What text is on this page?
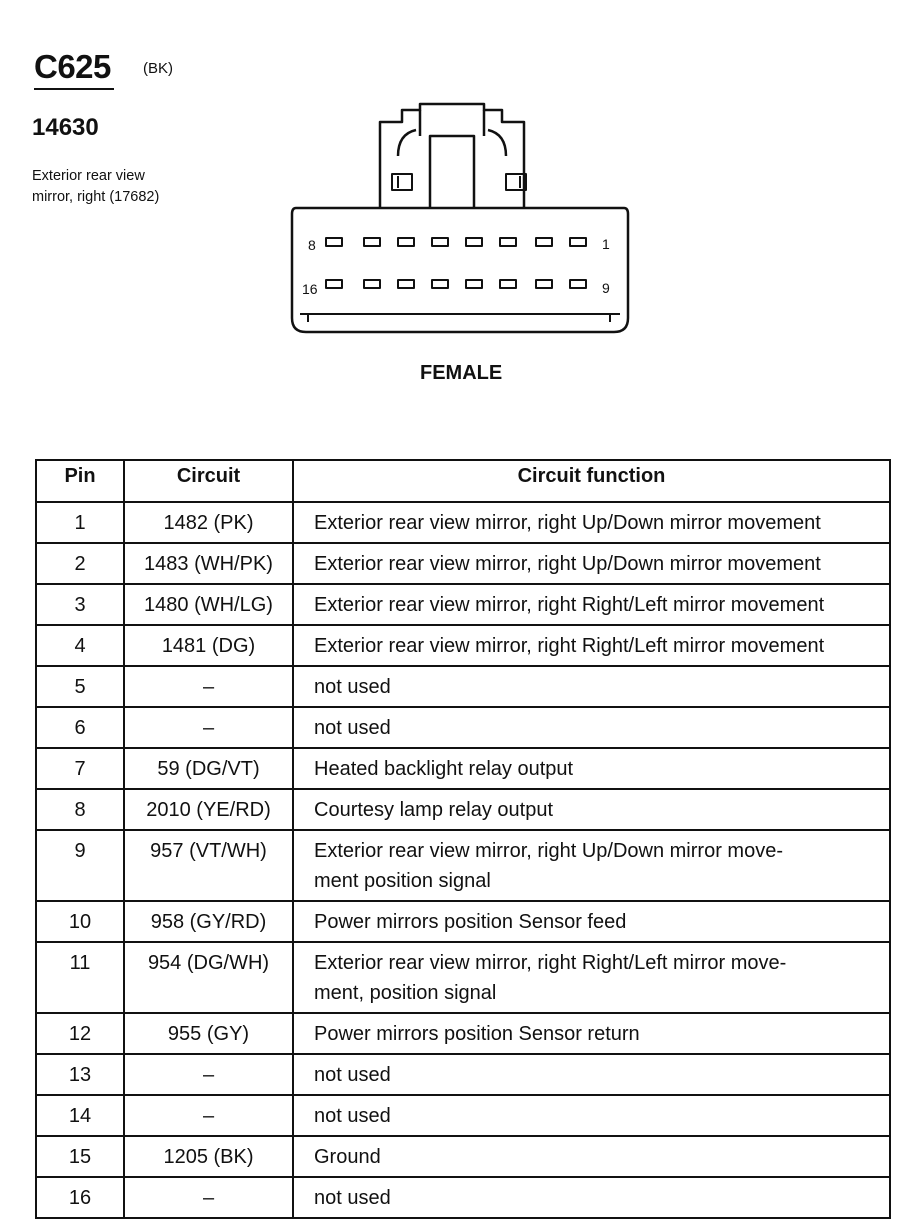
C625 (BK)
14630
Exterior rear view
mirror, right (17682)
8	1
16	9
FEMALE
Pin	Circuit	Circuit function
1	1482 (PK)	Exterior rear view mirror, right Up/Down mirror movement

2	1483 (WH/PK)	Exterior rear view mirror, right Up/Down mirror movement

3	1480 (WH/LG)	Exterior rear view mirror, right Right/Left mirror movement

4	1481 (DG)	Exterior rear view mirror, right Right/Left mirror movement

5	–	not used

6	–	not used

7	59 (DG/VT)	Heated backlight relay output

8	2010 (YE/RD)	Courtesy lamp relay output

9	957 (VT/WH)	Exterior rear view mirror, right Up/Down mirror move-
ment position signal

10	958 (GY/RD)	Power mirrors position Sensor feed

11	954 (DG/WH)	Exterior rear view mirror, right Right/Left mirror move-
ment, position signal

12	955 (GY)	Power mirrors position Sensor return

13	–	not used

14	–	not used

15	1205 (BK)	Ground

16	–	not used
